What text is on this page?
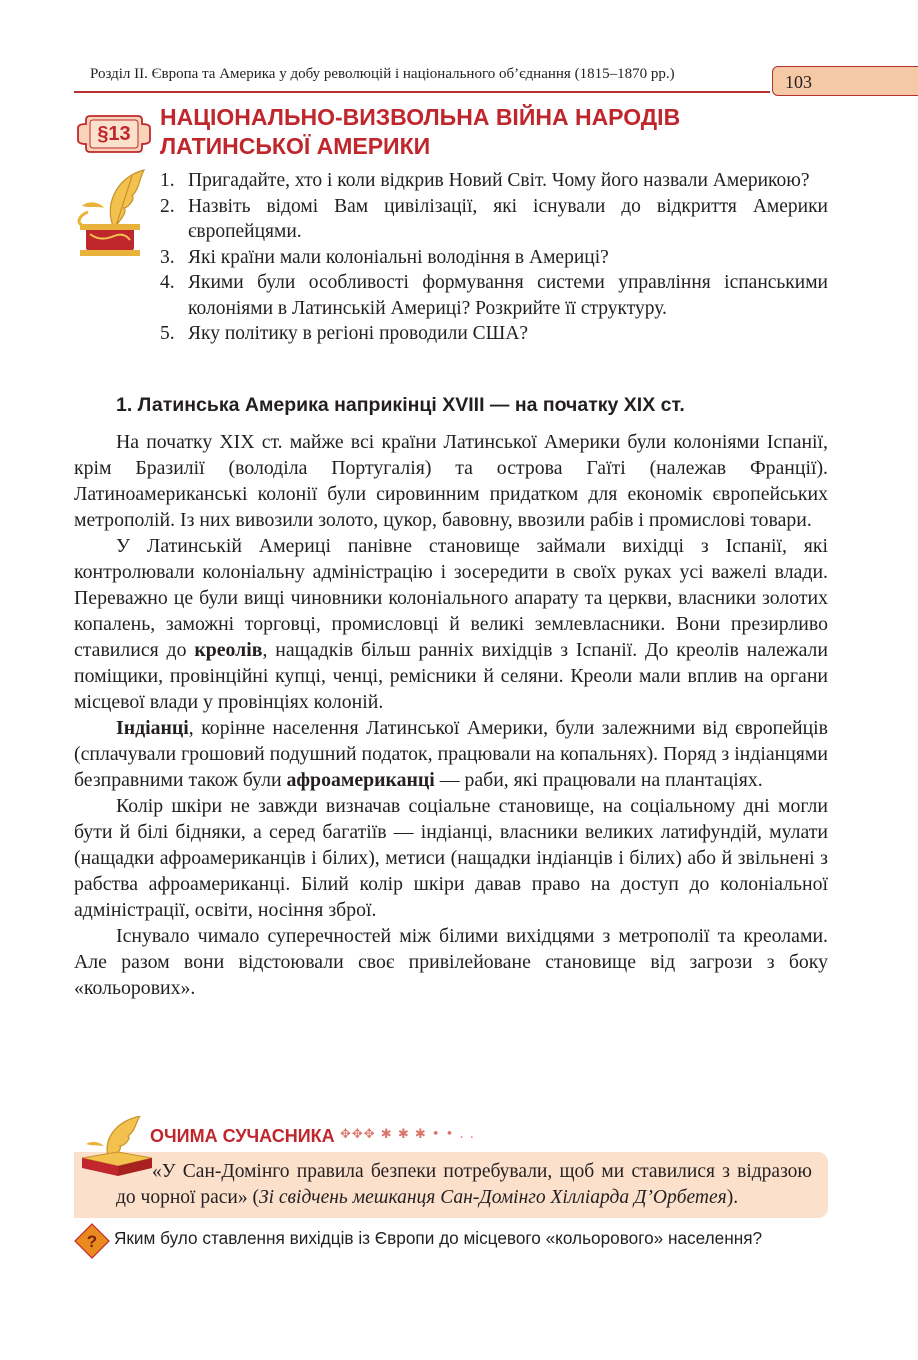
Розділ ІІ. Європа та Америка у добу революцій і національного об’єднання (1815–1870 рр.)	103
§13
НАЦІОНАЛЬНО-ВИЗВОЛЬНА ВІЙНА НАРОДІВ
ЛАТИНСЬКОЇ АМЕРИКИ
1. Пригадайте, хто і коли відкрив Новий Світ. Чому його назвали Америкою?
2. Назвіть відомі Вам цивілізації, які існували до відкриття Америки європейцями.
3. Які країни мали колоніальні володіння в Америці?
4. Якими були особливості формування системи управління іспанськими колоніями в Латинській Америці? Розкрийте її структуру.
5. Яку політику в регіоні проводили США?
1. Латинська Америка наприкінці XVIII — на початку XIX ст.

На початку XIX ст. майже всі країни Латинської Америки були колоніями Іспанії, крім Бразилії (володіла Португалія) та острова Гаїті (належав Франції). Латиноамериканські колонії були сировинним придатком для економік європейських метрополій. Із них вивозили золото, цукор, бавовну, ввозили рабів і промислові товари.

У Латинській Америці панівне становище займали вихідці з Іспанії, які контролювали колоніальну адміністрацію і зосередити в своїх руках усі важелі влади. Переважно це були вищі чиновники колоніального апарату та церкви, власники золотих копалень, заможні торговці, промисловці й великі землевласники. Вони презирливо ставилися до креолів, нащадків більш ранніх вихідців з Іспанії. До креолів належали поміщики, провінційні купці, ченці, ремісники й селяни. Креоли мали вплив на органи місцевої влади у провінціях колоній.

Індіанці, корінне населення Латинської Америки, були залежними від європейців (сплачували грошовий подушний податок, працювали на копальнях). Поряд з індіанцями безправними також були афроамериканці — раби, які працювали на плантаціях.

Колір шкіри не завжди визначав соціальне становище, на соціальному дні могли бути й білі бідняки, а серед багатіїв — індіанці, власники великих латифундій, мулати (нащадки афроамериканців і білих), метиси (нащадки індіанців і білих) або й звільнені з рабства афроамериканці. Білий колір шкіри давав право на доступ до колоніальної адміністрації, освіти, носіння зброї.

Існувало чимало суперечностей між білими вихідцями з метрополії та креолами. Але разом вони відстоювали своє привілейоване становище від загрози з боку «кольорових».

ОЧИМА СУЧАСНИКА ✥✥✥ ✱ ✱ ✱ • • . .
«У Сан-Домінго правила безпеки потребували, щоб ми ставилися з відразою до чорної раси» (Зі свідчень мешканця Сан-Домінго Хілліарда Д’Орбетея).
? Яким було ставлення вихідців із Європи до місцевого «кольорового» населення?
